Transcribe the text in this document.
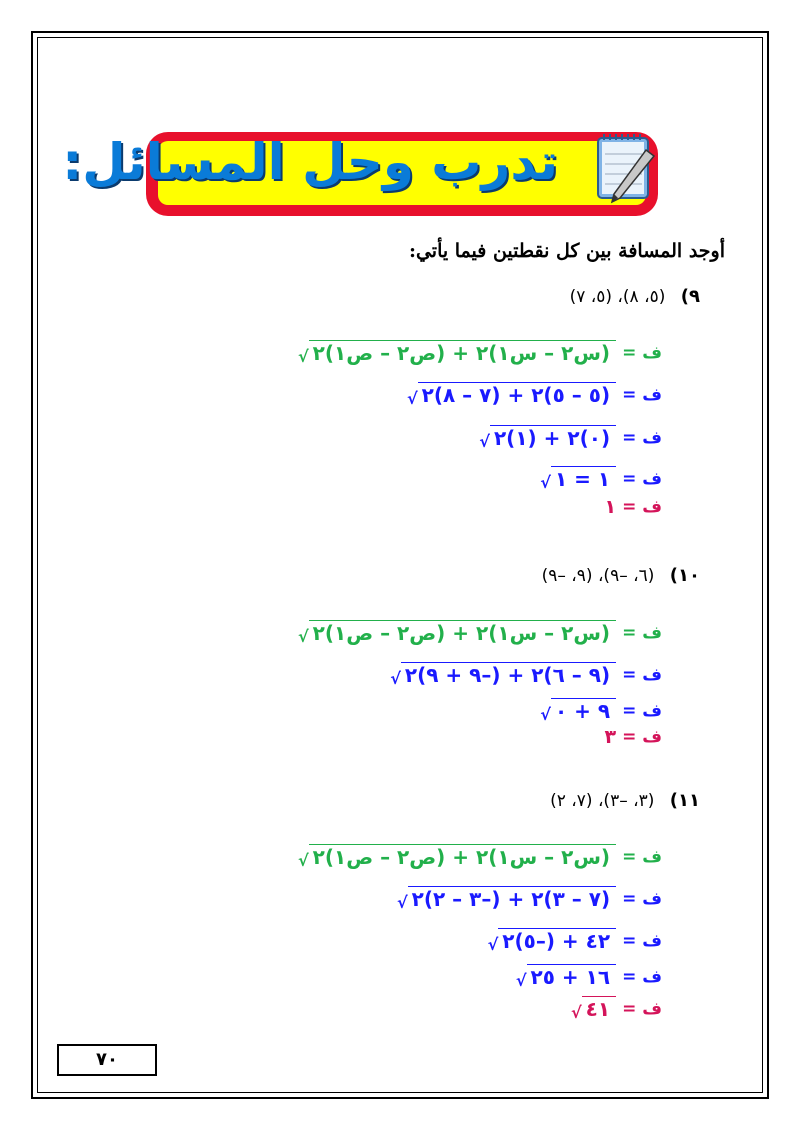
تدرب وحل المسائل:
أوجد المسافة بين كل نقطتين فيما يأتي:
٩) (٥، ٨)، (٥، ٧)
ف =
√ (س٢ – س١)٢ + (ص٢ – ص١)٢
ف =
√ (٥ – ٥)٢ + (٧ – ٨)٢
ف =
√ (٠)٢ + (١)٢
ف =
√ ١ = ١
ف =
١
١٠) (٦، –٩)، (٩، –٩)
ف =
√ (س٢ – س١)٢ + (ص٢ – ص١)٢
ف =
√ (٩ – ٦)٢ + (–٩ + ٩)٢
ف =
√ ٩ + ٠
ف =
٣
١١) (٣، –٣)، (٧، ٢)
ف =
√ (س٢ – س١)٢ + (ص٢ – ص١)٢
ف =
√ (٧ – ٣)٢ + (–٣ – ٢)٢
ف =
√ ٤٢ + (–٥)٢
ف =
√ ١٦ + ٢٥
ف =
√ ٤١
٧٠
